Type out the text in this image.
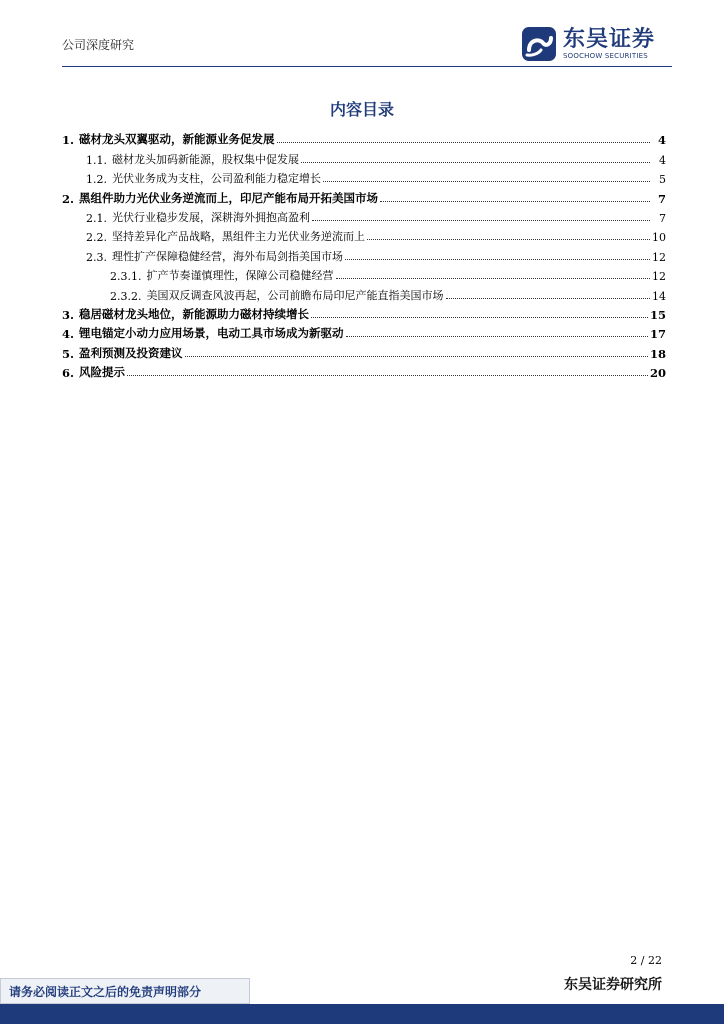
公司深度研究	东吴证券
SOOCHOW SECURITIES
内容目录
1. 磁材龙头双翼驱动，新能源业务促发展	4
1.1. 磁材龙头加码新能源，股权集中促发展	4
1.2. 光伏业务成为支柱，公司盈利能力稳定增长	5
2. 黑组件助力光伏业务逆流而上，印尼产能布局开拓美国市场	7
2.1. 光伏行业稳步发展，深耕海外拥抱高盈利	7
2.2. 坚持差异化产品战略，黑组件主力光伏业务逆流而上	10
2.3. 理性扩产保障稳健经营，海外布局剑指美国市场	12
2.3.1. 扩产节奏谨慎理性，保障公司稳健经营	12
2.3.2. 美国双反调查风波再起，公司前瞻布局印尼产能直指美国市场	14
3. 稳居磁材龙头地位，新能源助力磁材持续增长	15
4. 锂电锚定小动力应用场景，电动工具市场成为新驱动	17
5. 盈利预测及投资建议	18
6. 风险提示	20
2 / 22
东吴证券研究所
请务必阅读正文之后的免责声明部分
